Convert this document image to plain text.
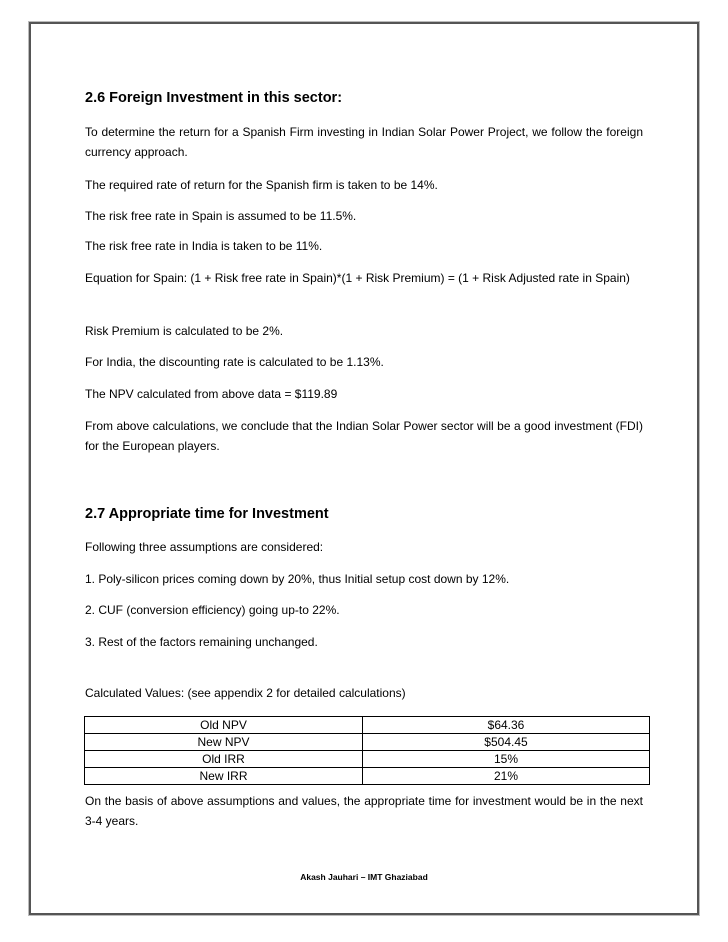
2.6 Foreign Investment in this sector:
To determine the return for a Spanish Firm investing in Indian Solar Power Project, we follow the foreign currency approach.
The required rate of return for the Spanish firm is taken to be 14%.
The risk free rate in Spain is assumed to be 11.5%.
The risk free rate in India is taken to be 11%.
Equation for Spain: (1 + Risk free rate in Spain)*(1 + Risk Premium) = (1 + Risk Adjusted rate in Spain)
Risk Premium is calculated to be 2%.
For India, the discounting rate is calculated to be 1.13%.
The NPV calculated from above data = $119.89
From above calculations, we conclude that the Indian Solar Power sector will be a good investment (FDI) for the European players.
2.7 Appropriate time for Investment
Following three assumptions are considered:
1. Poly-silicon prices coming down by 20%, thus Initial setup cost down by 12%.
2. CUF (conversion efficiency) going up-to 22%.
3. Rest of the factors remaining unchanged.
Calculated Values: (see appendix 2 for detailed calculations)
Old NPV	$64.36
New NPV	$504.45
Old IRR	15%
New IRR	21%
On the basis of above assumptions and values, the appropriate time for investment would be in the next 3-4 years.
Akash Jauhari – IMT Ghaziabad
